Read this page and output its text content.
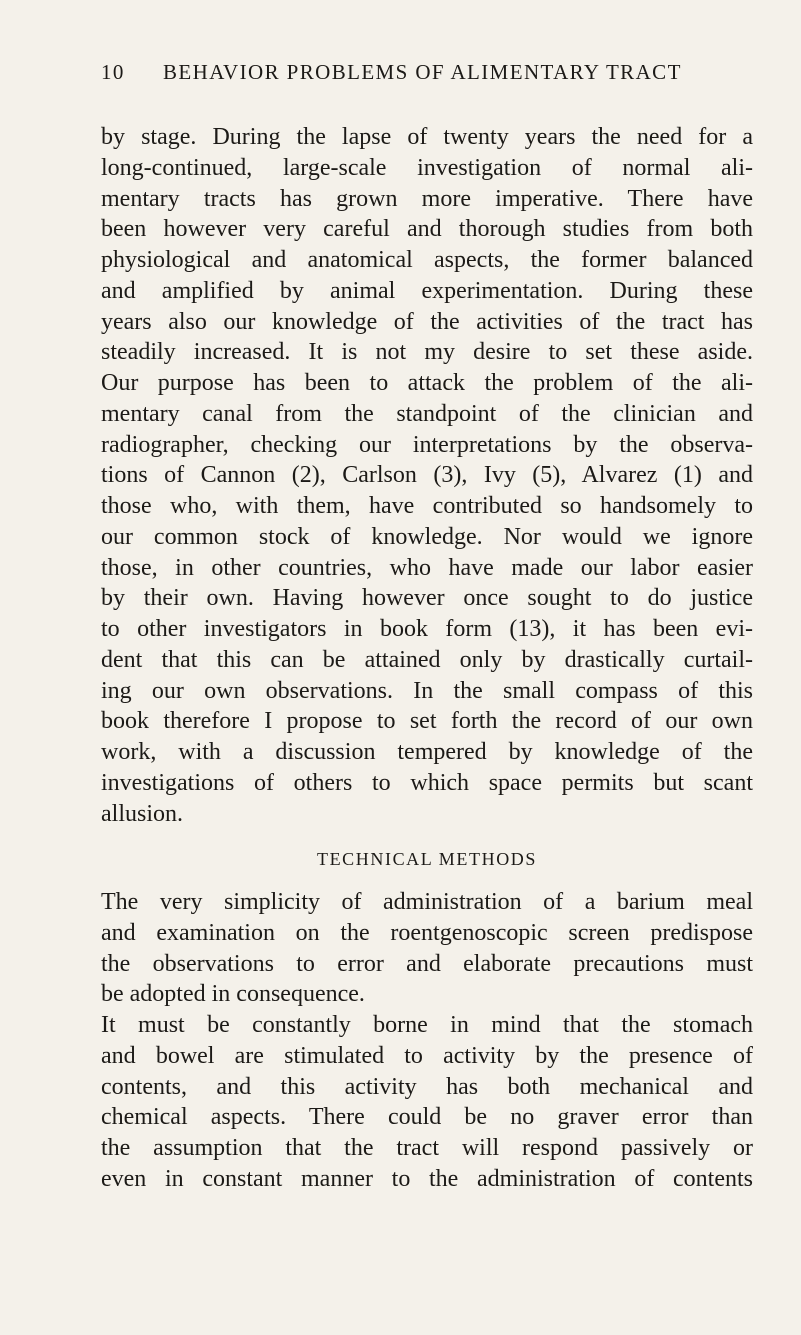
10 BEHAVIOR PROBLEMS OF ALIMENTARY TRACT
by stage. During the lapse of twenty years the need for a
long-continued, large-scale investigation of normal ali-
mentary tracts has grown more imperative. There have
been however very careful and thorough studies from both
physiological and anatomical aspects, the former balanced
and amplified by animal experimentation. During these
years also our knowledge of the activities of the tract has
steadily increased. It is not my desire to set these aside.
Our purpose has been to attack the problem of the ali-
mentary canal from the standpoint of the clinician and
radiographer, checking our interpretations by the observa-
tions of Cannon (2), Carlson (3), Ivy (5), Alvarez (1) and
those who, with them, have contributed so handsomely to
our common stock of knowledge. Nor would we ignore
those, in other countries, who have made our labor easier
by their own. Having however once sought to do justice
to other investigators in book form (13), it has been evi-
dent that this can be attained only by drastically curtail-
ing our own observations. In the small compass of this
book therefore I propose to set forth the record of our own
work, with a discussion tempered by knowledge of the
investigations of others to which space permits but scant
allusion.
TECHNICAL METHODS
The very simplicity of administration of a barium meal
and examination on the roentgenoscopic screen predispose
the observations to error and elaborate precautions must
be adopted in consequence.
It must be constantly borne in mind that the stomach
and bowel are stimulated to activity by the presence of
contents, and this activity has both mechanical and
chemical aspects. There could be no graver error than
the assumption that the tract will respond passively or
even in constant manner to the administration of contents
